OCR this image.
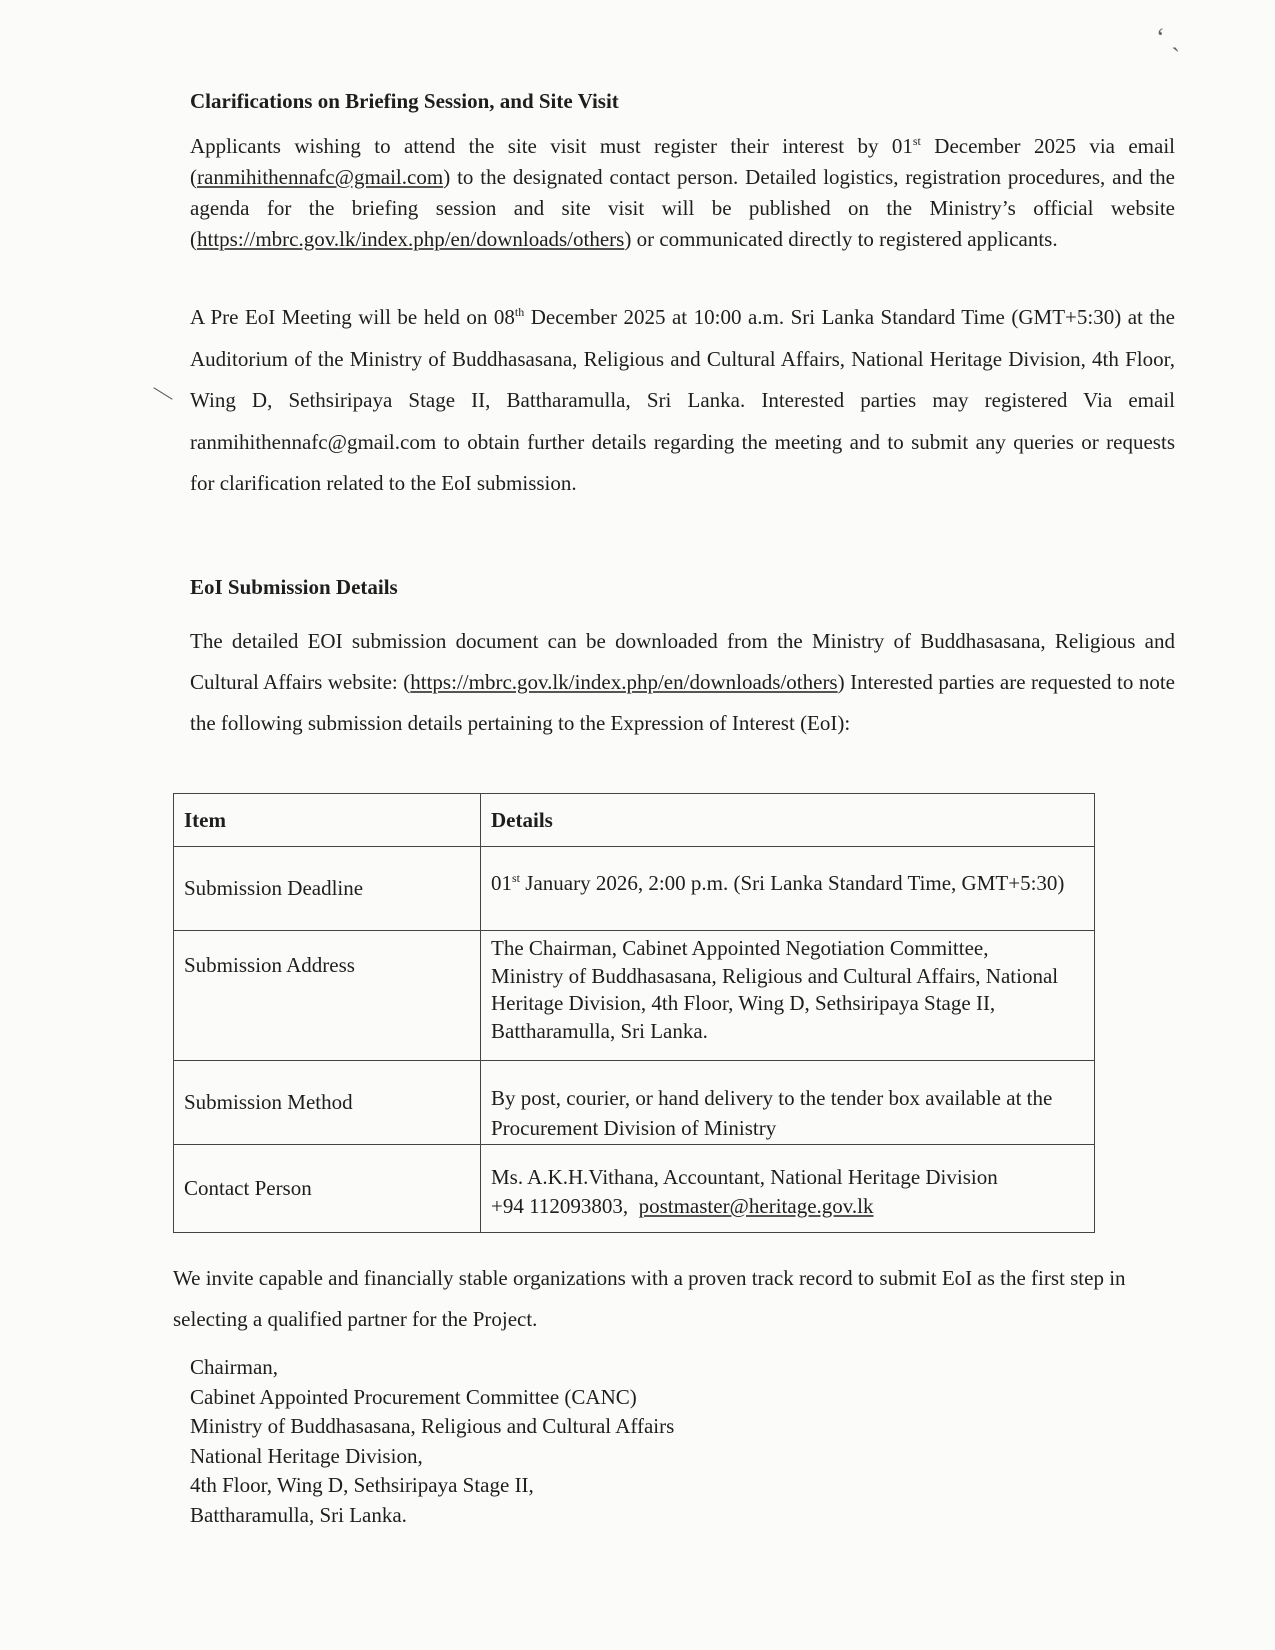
ʻ ˎ
Clarifications on Briefing Session, and Site Visit

Applicants wishing to attend the site visit must register their interest by 01st December 2025 via email (ranmihithennafc@gmail.com) to the designated contact person. Detailed logistics, registration procedures, and the agenda for the briefing session and site visit will be published on the Ministry’s official website (https://mbrc.gov.lk/index.php/en/downloads/others) or communicated directly to registered applicants.

A Pre EoI Meeting will be held on 08th December 2025 at 10:00 a.m. Sri Lanka Standard Time (GMT+5:30) at the Auditorium of the Ministry of Buddhasasana, Religious and Cultural Affairs, National Heritage Division, 4th Floor, Wing D, Sethsiripaya Stage II, Battharamulla, Sri Lanka. Interested parties may registered Via email ranmihithennafc@gmail.com to obtain further details regarding the meeting and to submit any queries or requests for clarification related to the EoI submission.

EoI Submission Details

The detailed EOI submission document can be downloaded from the Ministry of Buddhasasana, Religious and Cultural Affairs website: (https://mbrc.gov.lk/index.php/en/downloads/others) Interested parties are requested to note the following submission details pertaining to the Expression of Interest (EoI):

Item	Details
Submission Deadline	01st January 2026, 2:00 p.m. (Sri Lanka Standard Time, GMT+5:30)
Submission Address	The Chairman, Cabinet Appointed Negotiation Committee, Ministry of Buddhasasana, Religious and Cultural Affairs, National Heritage Division, 4th Floor, Wing D, Sethsiripaya Stage II, Battharamulla, Sri Lanka.
Submission Method	By post, courier, or hand delivery to the tender box available at the Procurement Division of Ministry
Contact Person	Ms. A.K.H.Vithana, Accountant, National Heritage Division
+94 112093803, postmaster@heritage.gov.lk
We invite capable and financially stable organizations with a proven track record to submit EoI as the first step in selecting a qualified partner for the Project.
Chairman,
Cabinet Appointed Procurement Committee (CANC)
Ministry of Buddhasasana, Religious and Cultural Affairs
National Heritage Division,
4th Floor, Wing D, Sethsiripaya Stage II,
Battharamulla, Sri Lanka.
